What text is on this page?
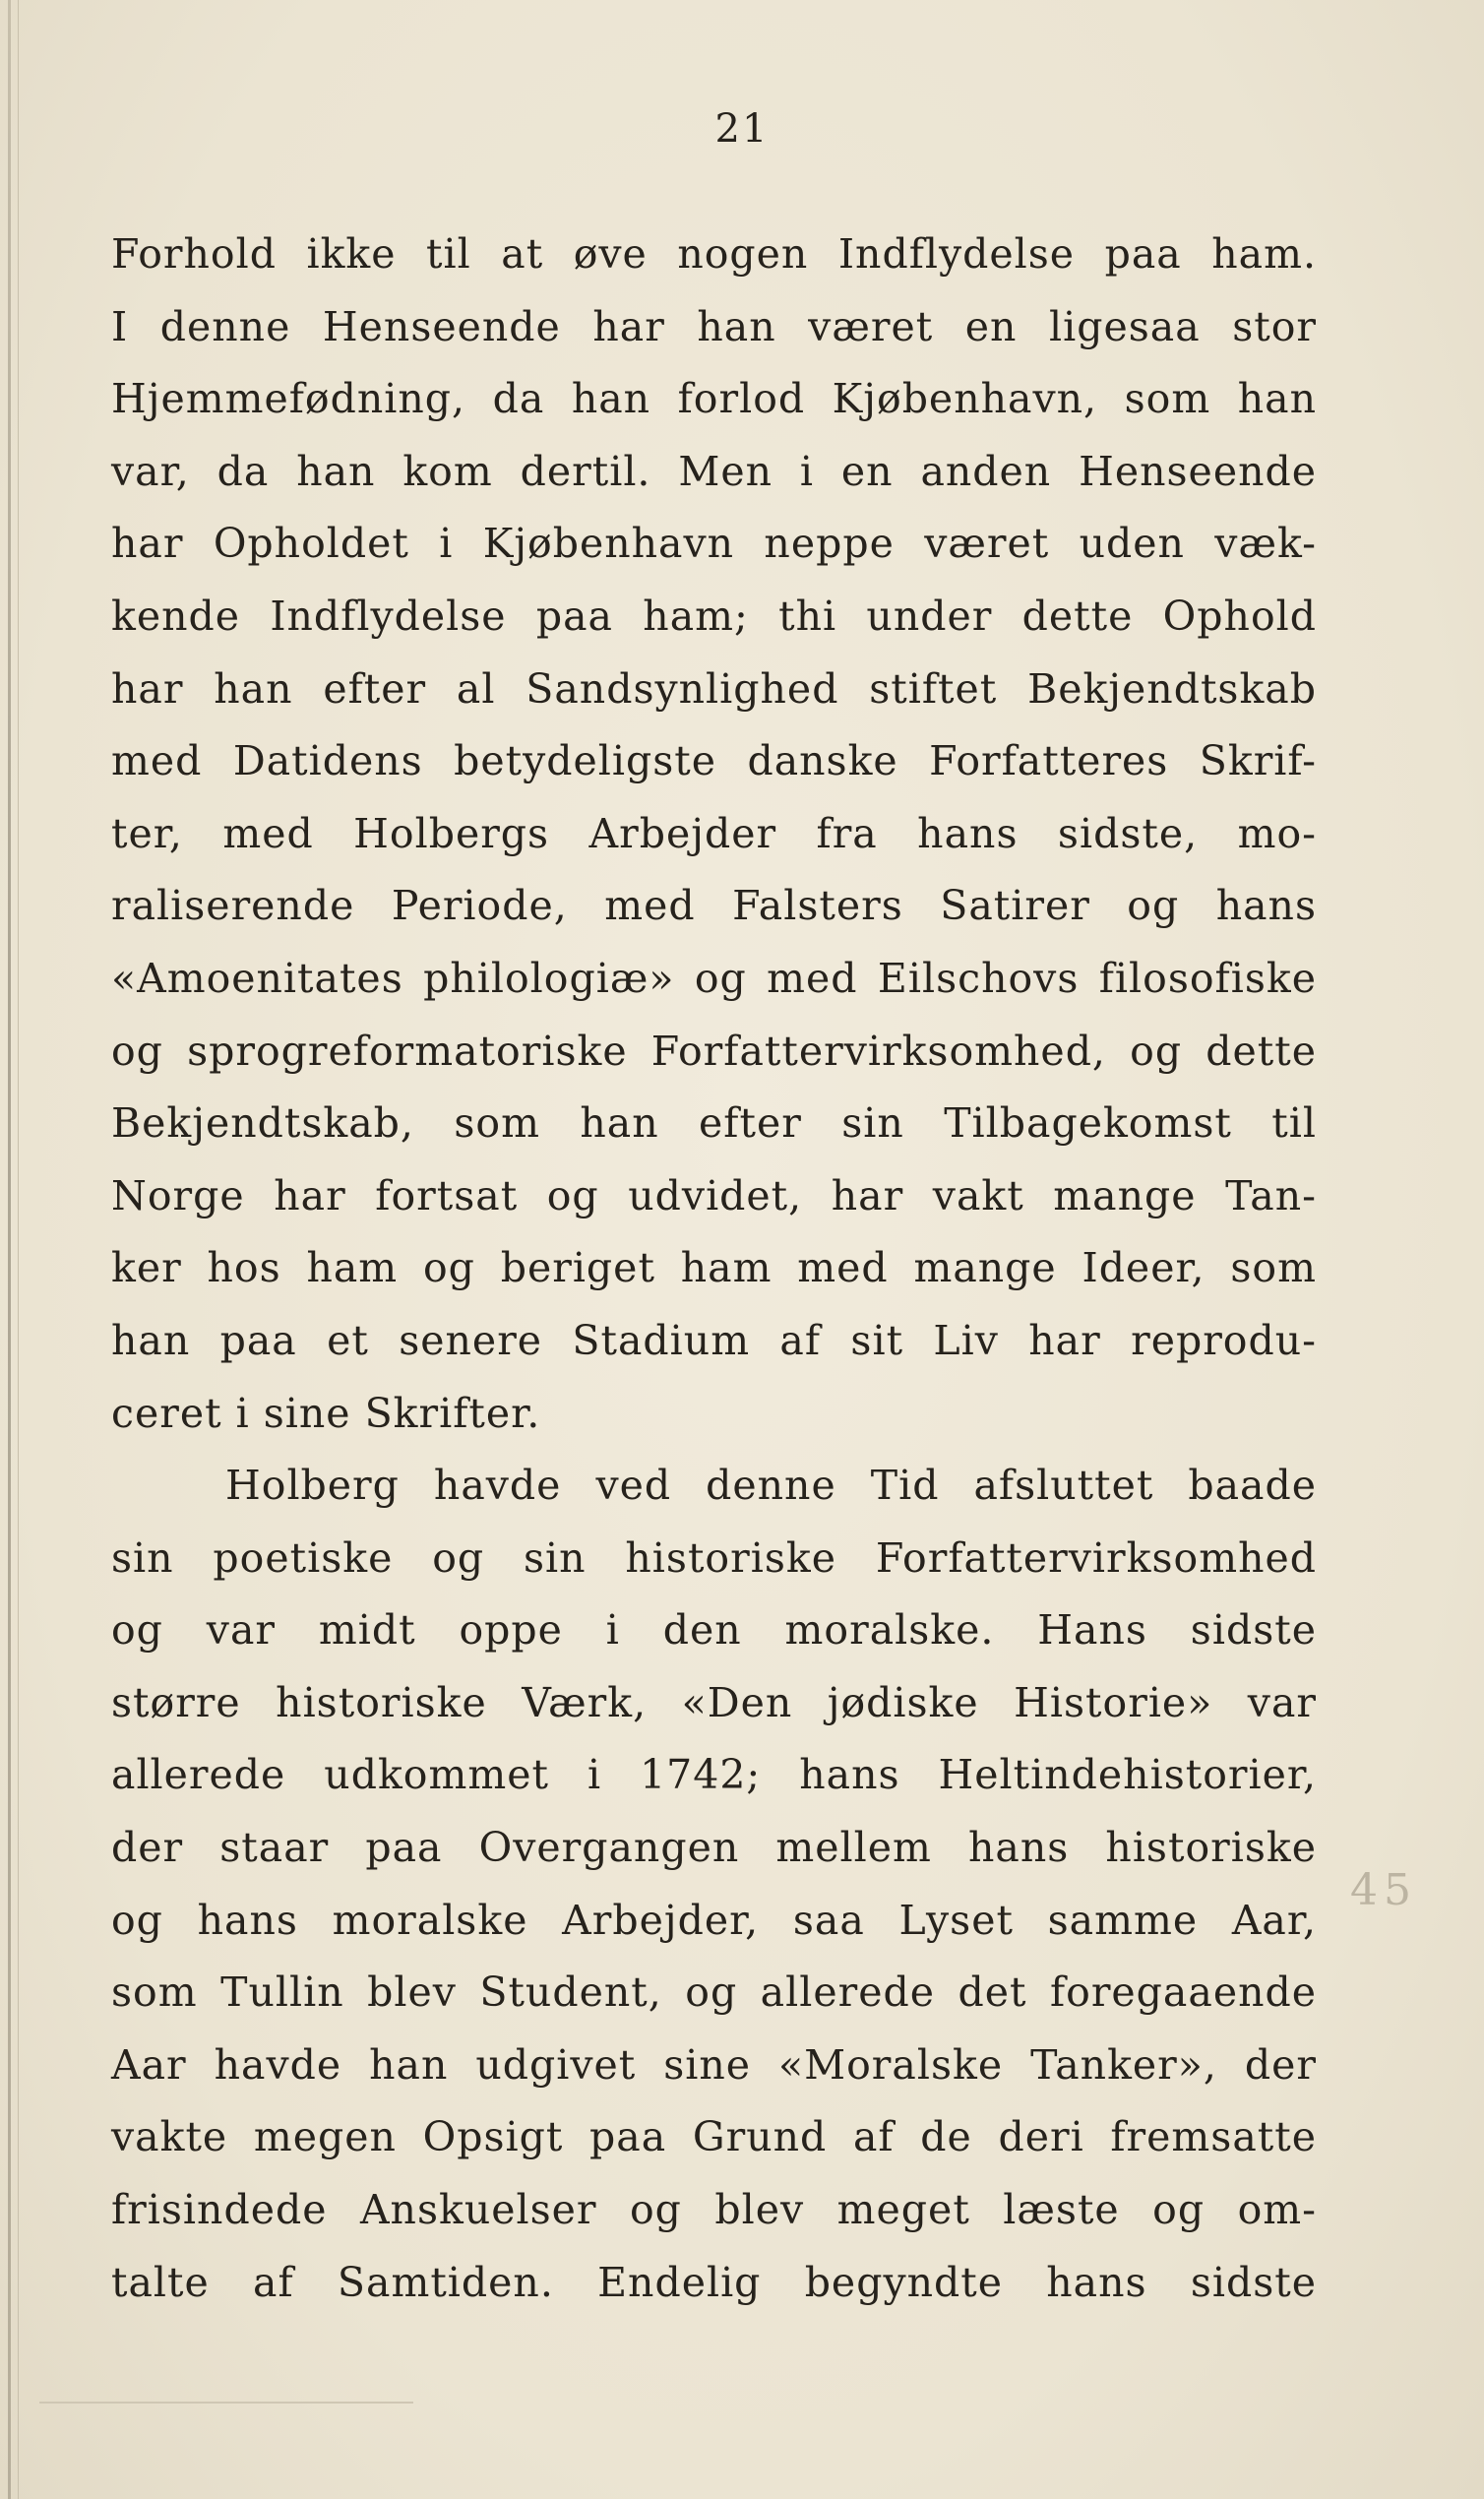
21
Forhold ikke til at øve nogen Indflydelse paa ham.
I denne Henseende har han været en ligesaa stor
Hjemmefødning, da han forlod Kjøbenhavn, som han
var, da han kom dertil. Men i en anden Henseende
har Opholdet i Kjøbenhavn neppe været uden væk-
kende Indflydelse paa ham; thi under dette Ophold
har han efter al Sandsynlighed stiftet Bekjendtskab
med Datidens betydeligste danske Forfatteres Skrif-
ter, med Holbergs Arbejder fra hans sidste, mo-
raliserende Periode, med Falsters Satirer og hans
«Amoenitates philologiæ» og med Eilschovs filosofiske
og sprogreformatoriske Forfattervirksomhed, og dette
Bekjendtskab, som han efter sin Tilbagekomst til
Norge har fortsat og udvidet, har vakt mange Tan-
ker hos ham og beriget ham med mange Ideer, som
han paa et senere Stadium af sit Liv har reprodu-
ceret i sine Skrifter.
Holberg havde ved denne Tid afsluttet baade
sin poetiske og sin historiske Forfattervirksomhed
og var midt oppe i den moralske. Hans sidste
større historiske Værk, «Den jødiske Historie» var
allerede udkommet i 1742; hans Heltindehistorier,
der staar paa Overgangen mellem hans historiske
og hans moralske Arbejder, saa Lyset samme Aar,
som Tullin blev Student, og allerede det foregaaende
Aar havde han udgivet sine «Moralske Tanker», der
vakte megen Opsigt paa Grund af de deri fremsatte
frisindede Anskuelser og blev meget læste og om-
talte af Samtiden. Endelig begyndte hans sidste
45
